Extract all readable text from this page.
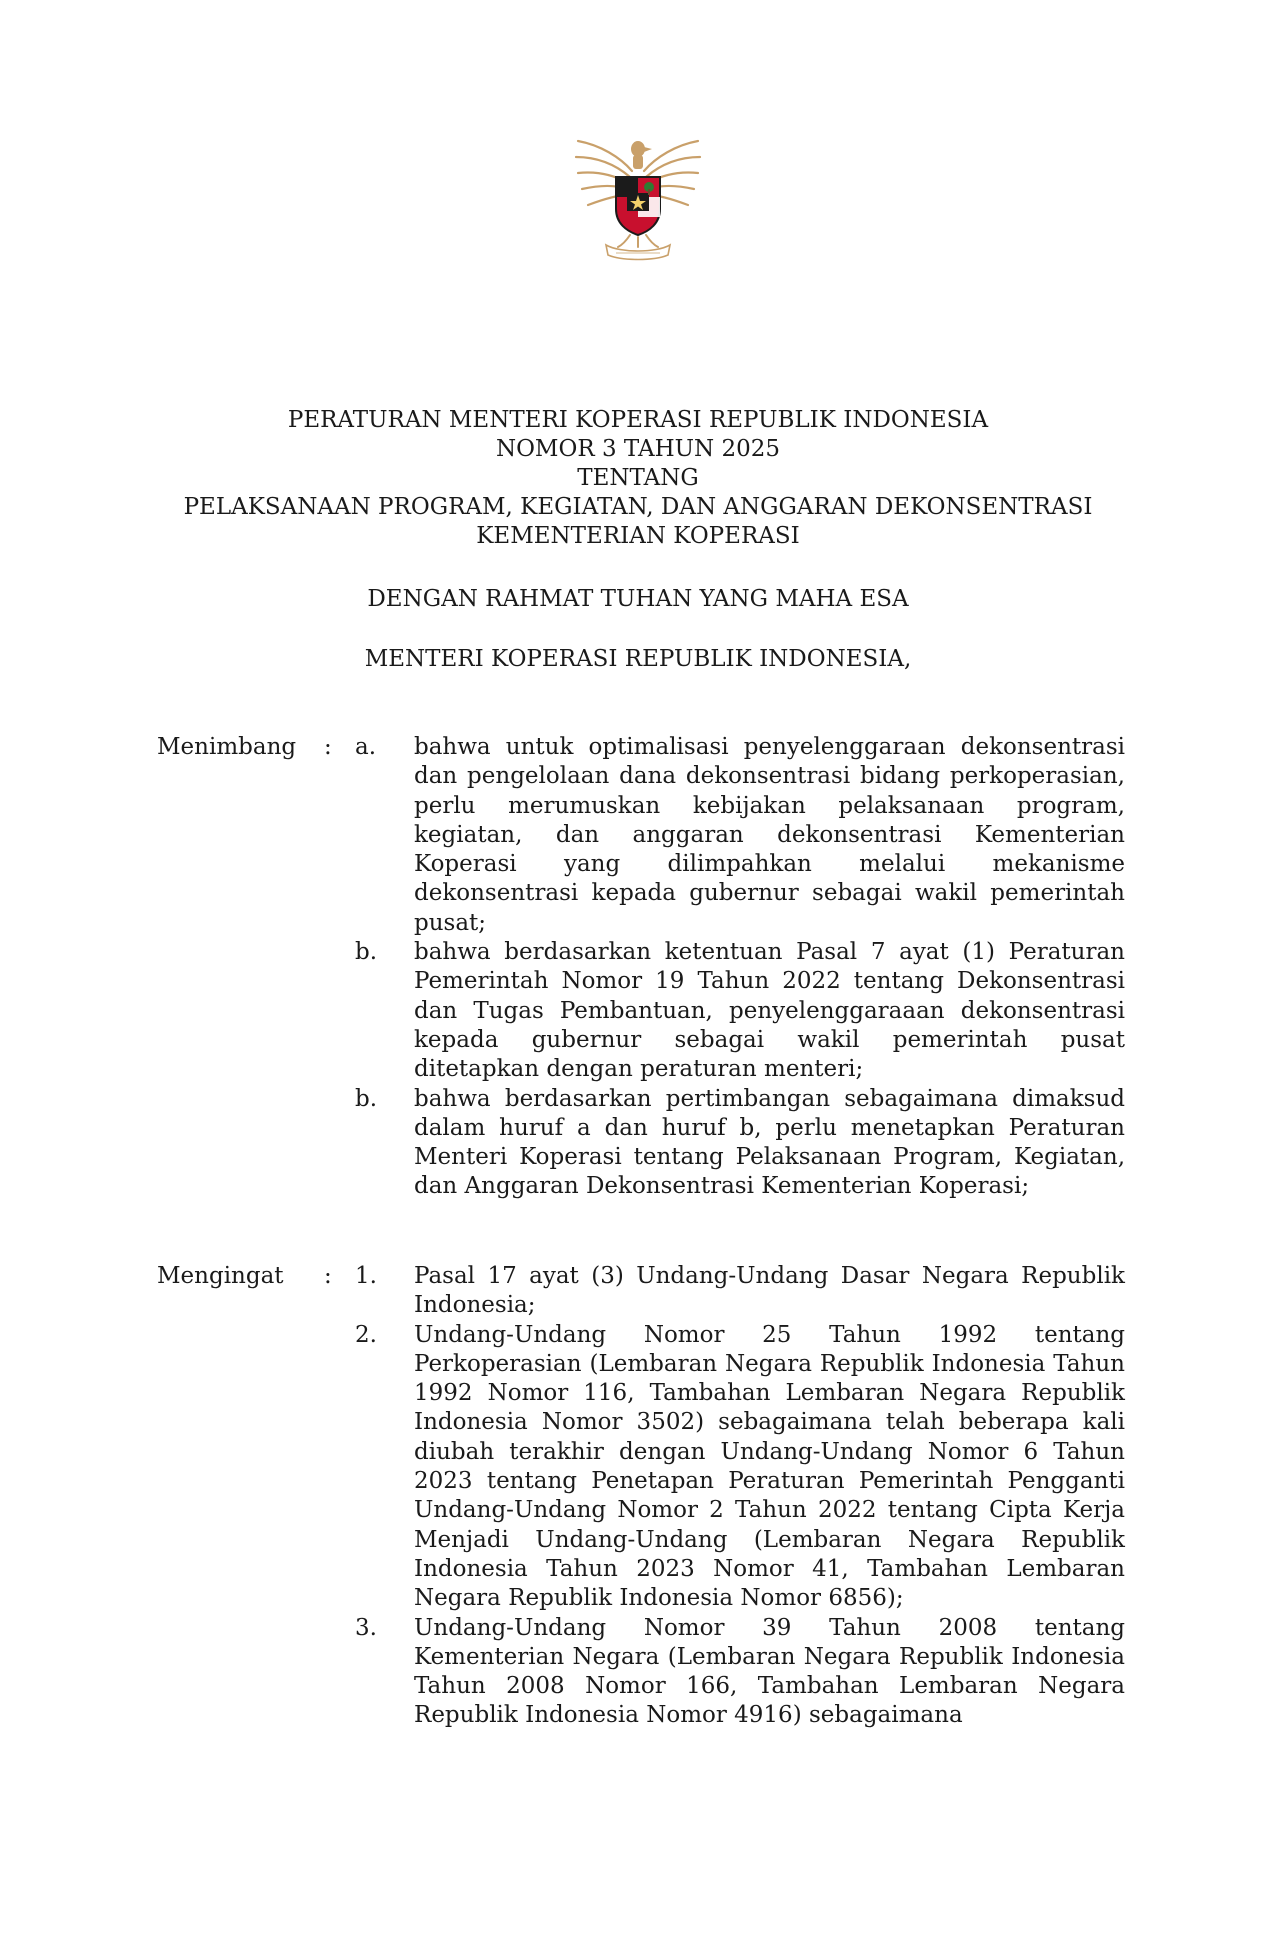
PERATURAN MENTERI KOPERASI REPUBLIK INDONESIA
NOMOR 3 TAHUN 2025
TENTANG
PELAKSANAAN PROGRAM, KEGIATAN, DAN ANGGARAN DEKONSENTRASI
KEMENTERIAN KOPERASI
DENGAN RAHMAT TUHAN YANG MAHA ESA
MENTERI KOPERASI REPUBLIK INDONESIA,
Menimbang : a. bahwa untuk optimalisasi penyelenggaraan dekonsentrasi dan pengelolaan dana dekonsentrasi bidang perkoperasian, perlu merumuskan kebijakan pelaksanaan program, kegiatan, dan anggaran dekonsentrasi Kementerian Koperasi yang dilimpahkan melalui mekanisme dekonsentrasi kepada gubernur sebagai wakil pemerintah pusat;
b. bahwa berdasarkan ketentuan Pasal 7 ayat (1) Peraturan Pemerintah Nomor 19 Tahun 2022 tentang Dekonsentrasi dan Tugas Pembantuan, penyelenggaraaan dekonsentrasi kepada gubernur sebagai wakil pemerintah pusat ditetapkan dengan peraturan menteri;
b. bahwa berdasarkan pertimbangan sebagaimana dimaksud dalam huruf a dan huruf b, perlu menetapkan Peraturan Menteri Koperasi tentang Pelaksanaan Program, Kegiatan, dan Anggaran Dekonsentrasi Kementerian Koperasi;
Mengingat : 1. Pasal 17 ayat (3) Undang-Undang Dasar Negara Republik Indonesia;
2. Undang-Undang Nomor 25 Tahun 1992 tentang Perkoperasian (Lembaran Negara Republik Indonesia Tahun 1992 Nomor 116, Tambahan Lembaran Negara Republik Indonesia Nomor 3502) sebagaimana telah beberapa kali diubah terakhir dengan Undang-Undang Nomor 6 Tahun 2023 tentang Penetapan Peraturan Pemerintah Pengganti Undang-Undang Nomor 2 Tahun 2022 tentang Cipta Kerja Menjadi Undang-Undang (Lembaran Negara Republik Indonesia Tahun 2023 Nomor 41, Tambahan Lembaran Negara Republik Indonesia Nomor 6856);
3. Undang-Undang Nomor 39 Tahun 2008 tentang Kementerian Negara (Lembaran Negara Republik Indonesia Tahun 2008 Nomor 166, Tambahan Lembaran Negara Republik Indonesia Nomor 4916) sebagaimana
